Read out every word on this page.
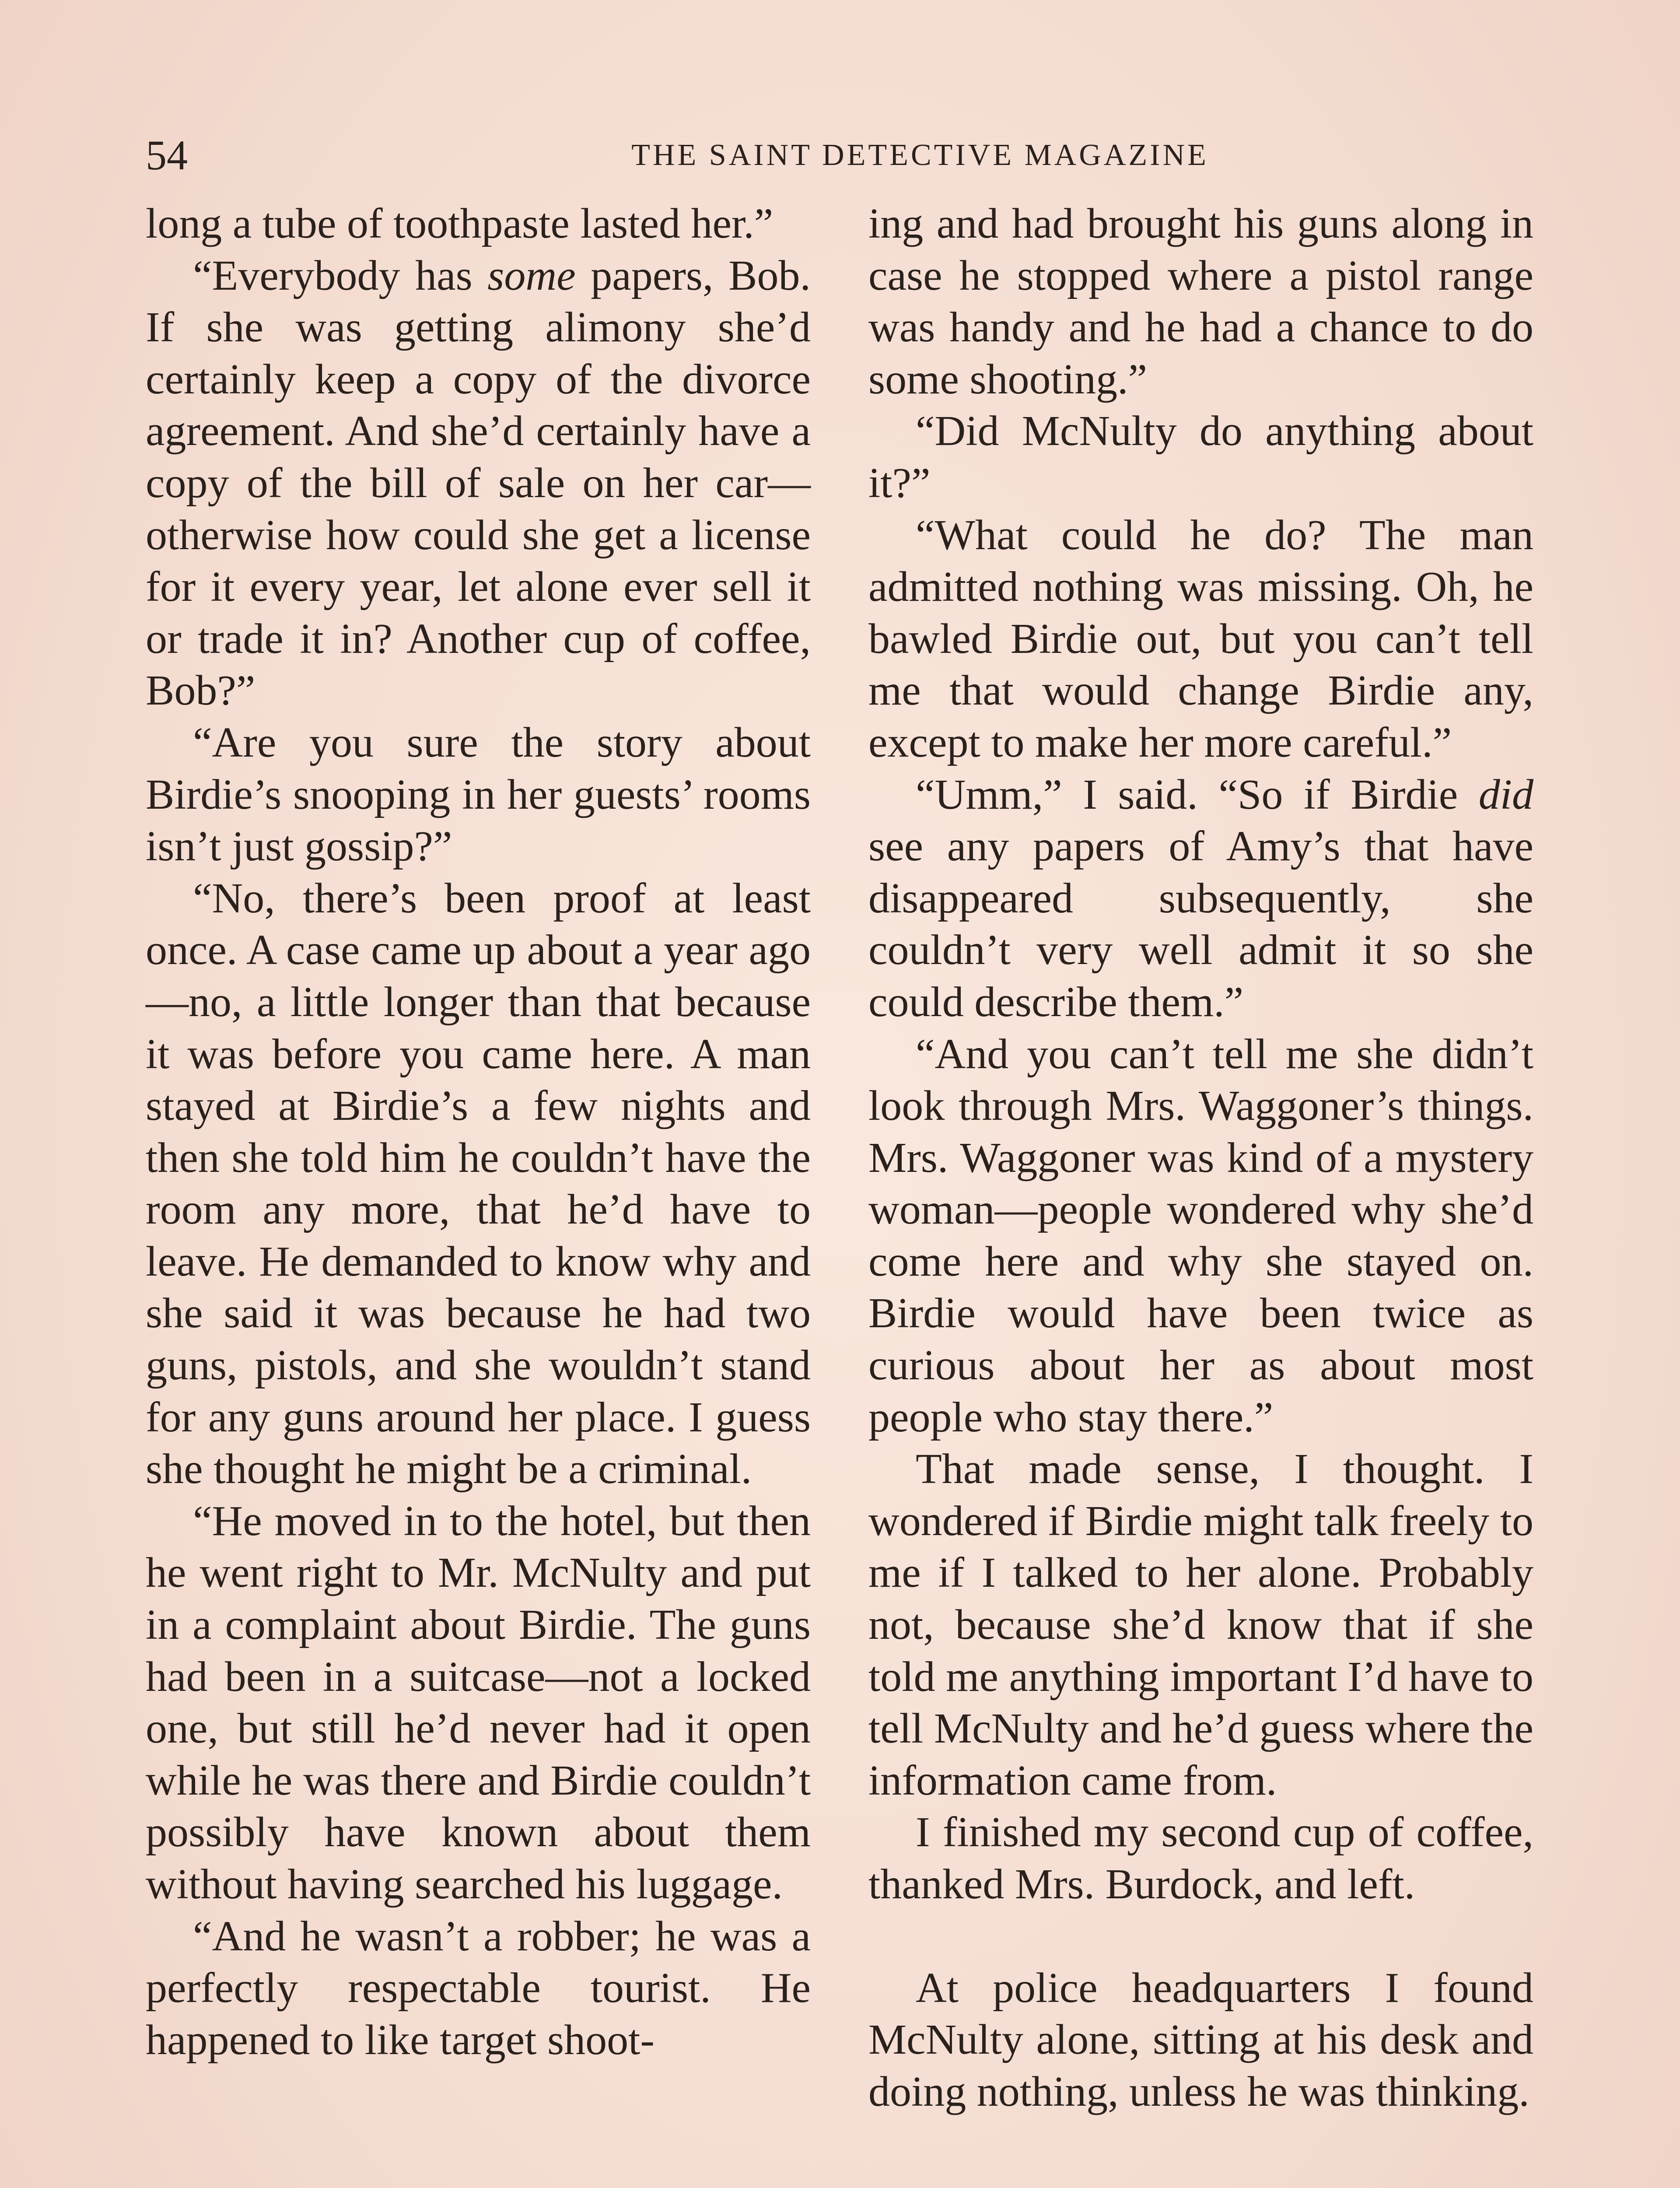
54	THE SAINT DETECTIVE MAGAZINE

long a tube of toothpaste lasted her.”

“Everybody has some papers, Bob. If she was getting alimony she’d certainly keep a copy of the divorce agreement. And she’d certainly have a copy of the bill of sale on her car—otherwise how could she get a license for it every year, let alone ever sell it or trade it in? Another cup of coffee, Bob?”

“Are you sure the story about Birdie’s snooping in her guests’ rooms isn’t just gossip?”

“No, there’s been proof at least once. A case came up about a year ago—no, a little longer than that because it was before you came here. A man stayed at Birdie’s a few nights and then she told him he couldn’t have the room any more, that he’d have to leave. He demanded to know why and she said it was because he had two guns, pistols, and she wouldn’t stand for any guns around her place. I guess she thought he might be a criminal.

“He moved in to the hotel, but then he went right to Mr. McNulty and put in a complaint about Birdie. The guns had been in a suitcase—not a locked one, but still he’d never had it open while he was there and Birdie couldn’t possibly have known about them without having searched his luggage.

“And he wasn’t a robber; he was a perfectly respectable tourist. He happened to like target shoot-

ing and had brought his guns along in case he stopped where a pistol range was handy and he had a chance to do some shooting.”

“Did McNulty do anything about it?”

“What could he do? The man admitted nothing was missing. Oh, he bawled Birdie out, but you can’t tell me that would change Birdie any, except to make her more careful.”

“Umm,” I said. “So if Birdie did see any papers of Amy’s that have disappeared subsequently, she couldn’t very well admit it so she could describe them.”

“And you can’t tell me she didn’t look through Mrs. Waggoner’s things. Mrs. Waggoner was kind of a mystery woman—people wondered why she’d come here and why she stayed on. Birdie would have been twice as curious about her as about most people who stay there.”

That made sense, I thought. I wondered if Birdie might talk freely to me if I talked to her alone. Probably not, because she’d know that if she told me anything important I’d have to tell McNulty and he’d guess where the information came from.

I finished my second cup of coffee, thanked Mrs. Burdock, and left.

At police headquarters I found McNulty alone, sitting at his desk and doing nothing, unless he was thinking.
